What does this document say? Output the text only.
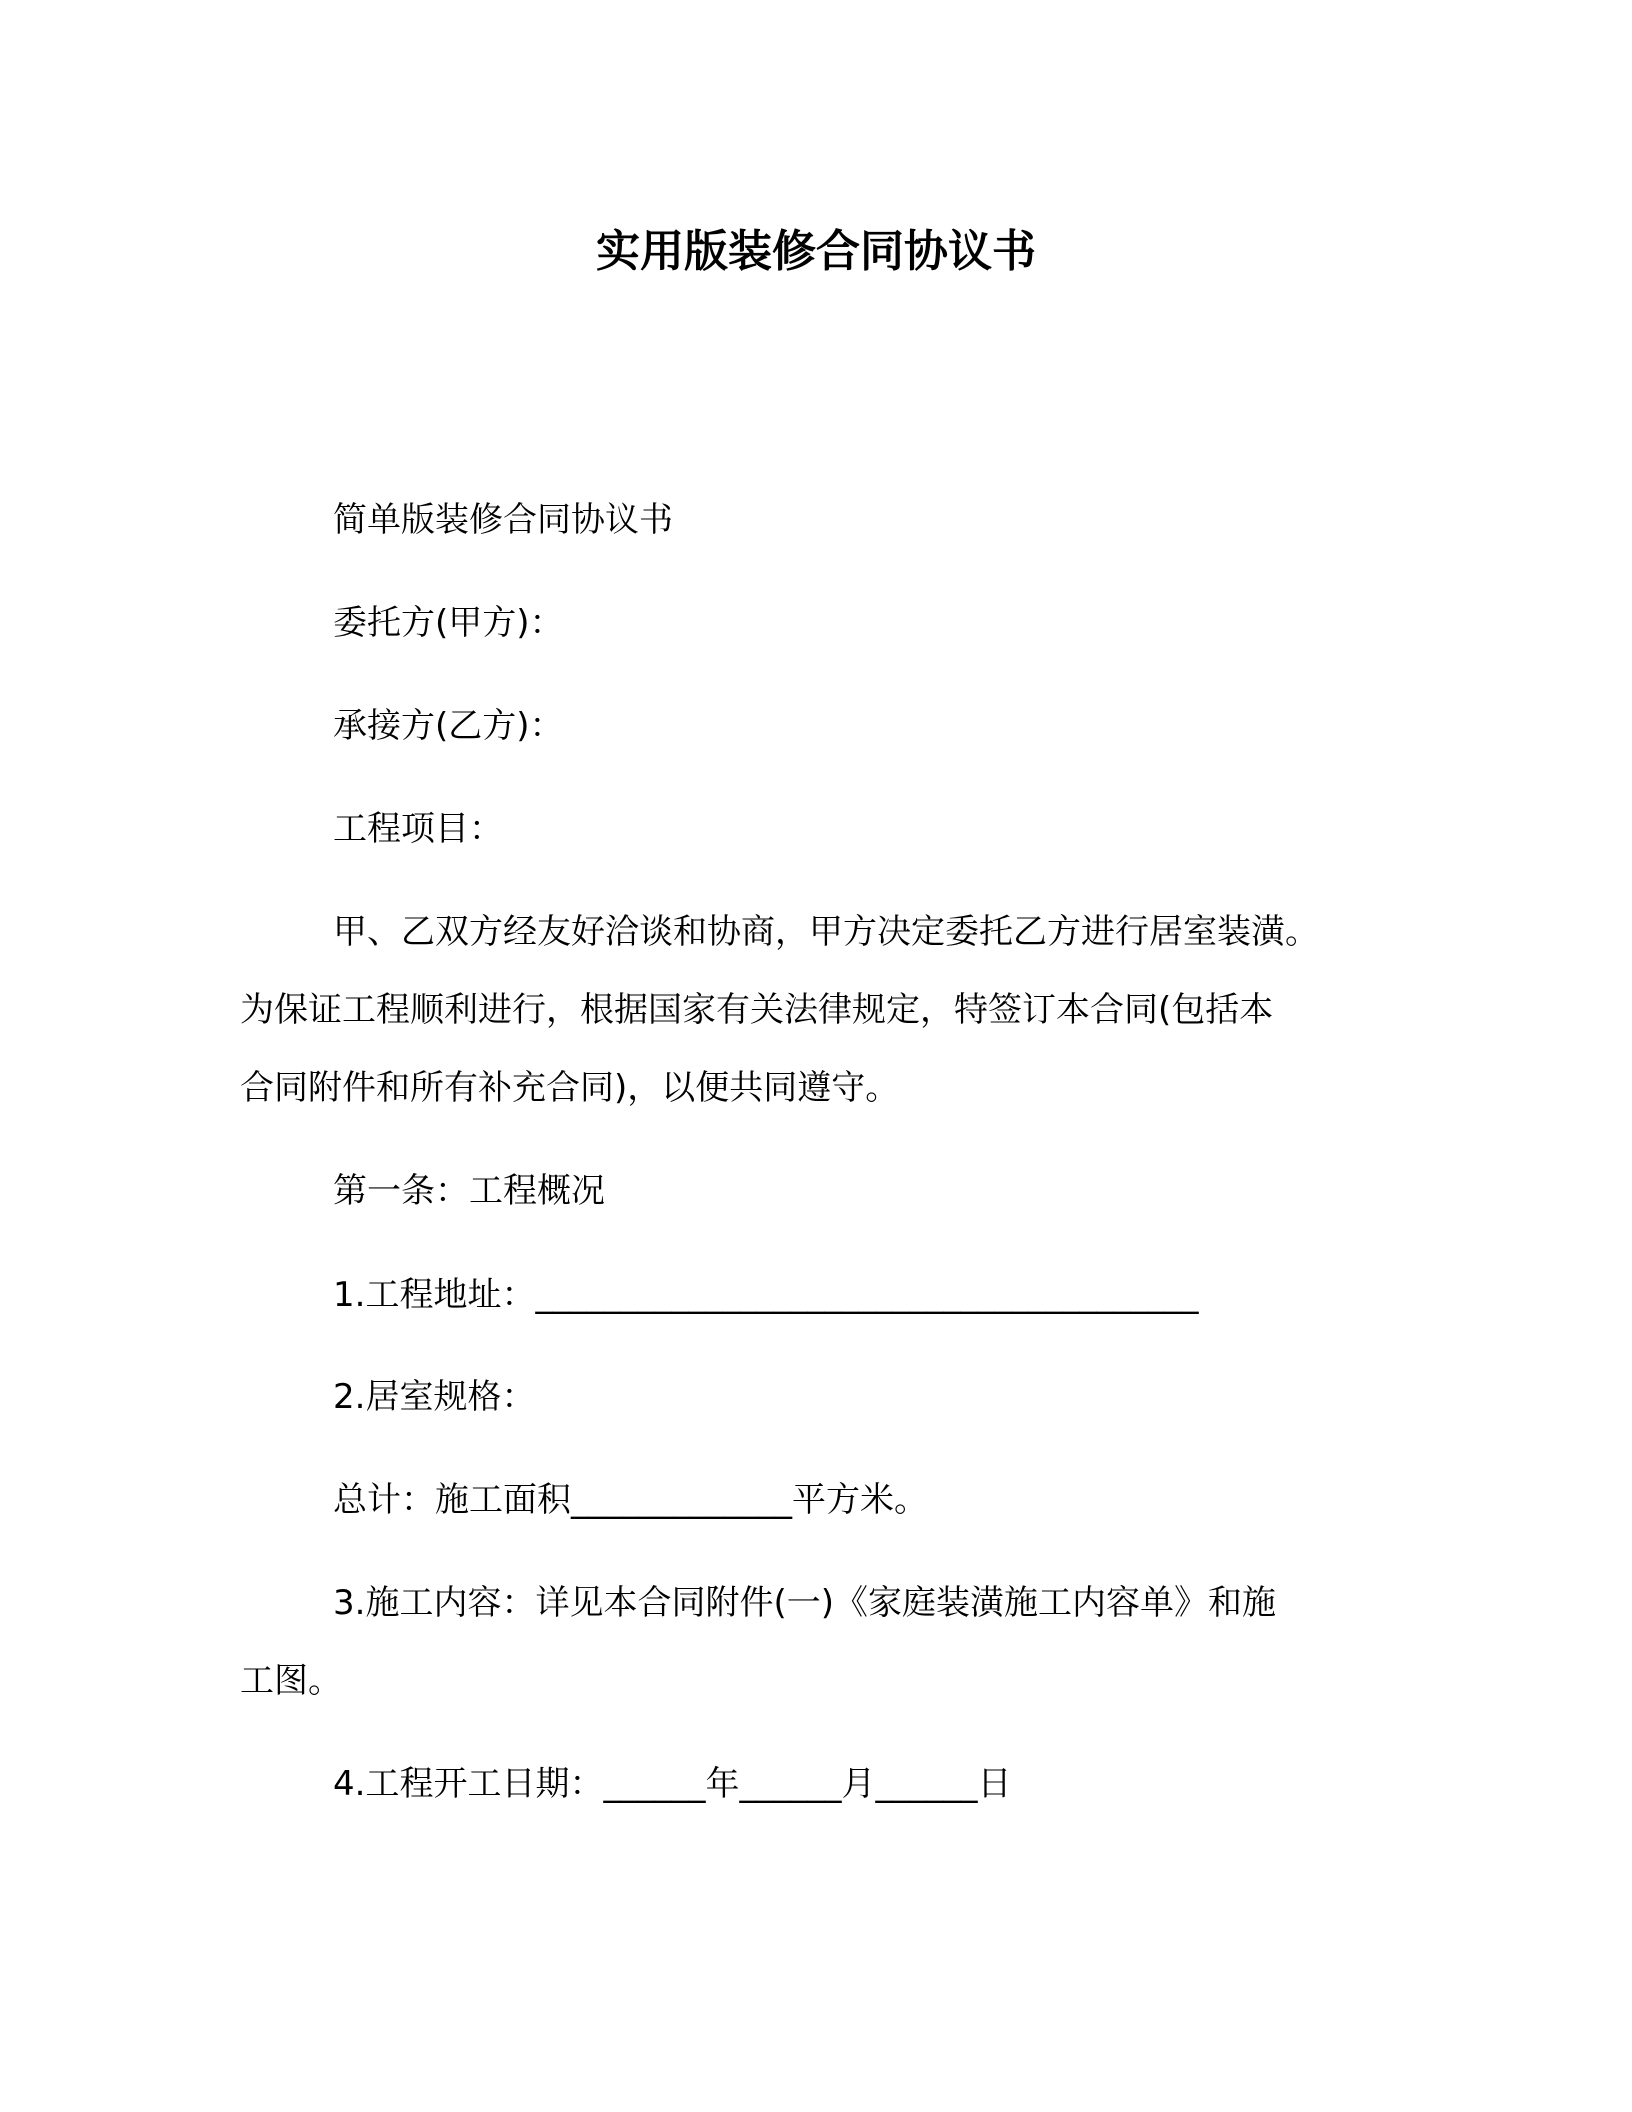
实用版装修合同协议书
简单版装修合同协议书
委托方(甲方)：
承接方(乙方)：
工程项目：
甲、乙双方经友好洽谈和协商，甲方决定委托乙方进行居室装潢。
为保证工程顺利进行，根据国家有关法律规定，特签订本合同(包括本
合同附件和所有补充合同)，以便共同遵守。
第一条：工程概况
1.工程地址：_______________________________________
2.居室规格：
总计：施工面积_____________平方米。
3.施工内容：详见本合同附件(一)《家庭装潢施工内容单》和施
工图。
4.工程开工日期：______年______月______日
